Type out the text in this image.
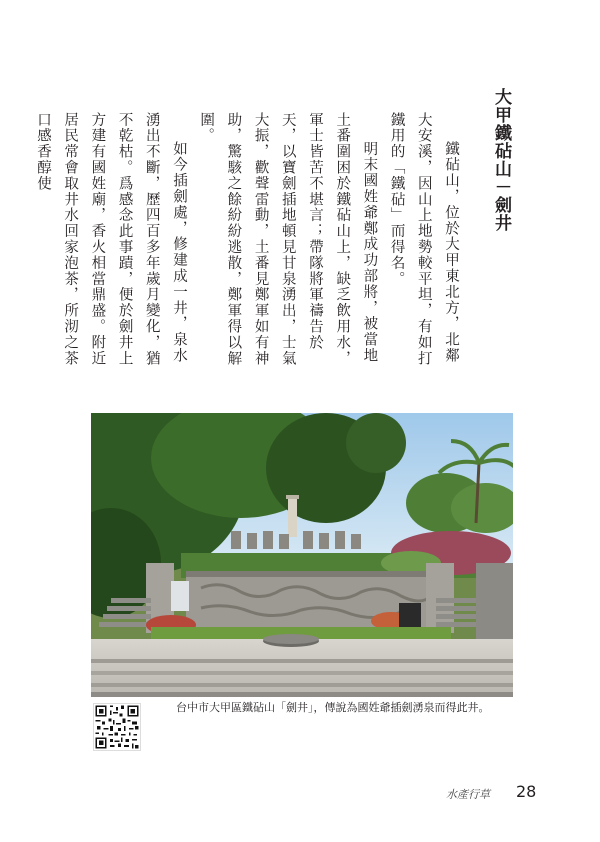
大甲鐵砧山－劍井

鐵砧山，位於大甲東北方，北鄰大安溪，因山上地勢較平坦，有如打鐵用的「鐵砧」而得名。

明末國姓爺鄭成功部將，被當地土番圍困於鐵砧山上，缺乏飲用水，軍士皆苦不堪言；帶隊將軍禱告於天，以寶劍插地頓見甘泉湧出，士氣大振，歡聲雷動，土番見鄭軍如有神助，驚駭之餘紛紛逃散，鄭軍得以解圍。

如今插劍處，修建成一井，泉水湧出不斷，歷四百多年歲月變化，猶不乾枯。爲感念此事蹟，便於劍井上方建有國姓廟，香火相當鼎盛。附近居民常會取井水回家泡茶，所沏之茶口感香醇使

台中市大甲區鐵砧山「劍井」，傳說為國姓爺插劍湧泉而得此井。
水產行草 28
